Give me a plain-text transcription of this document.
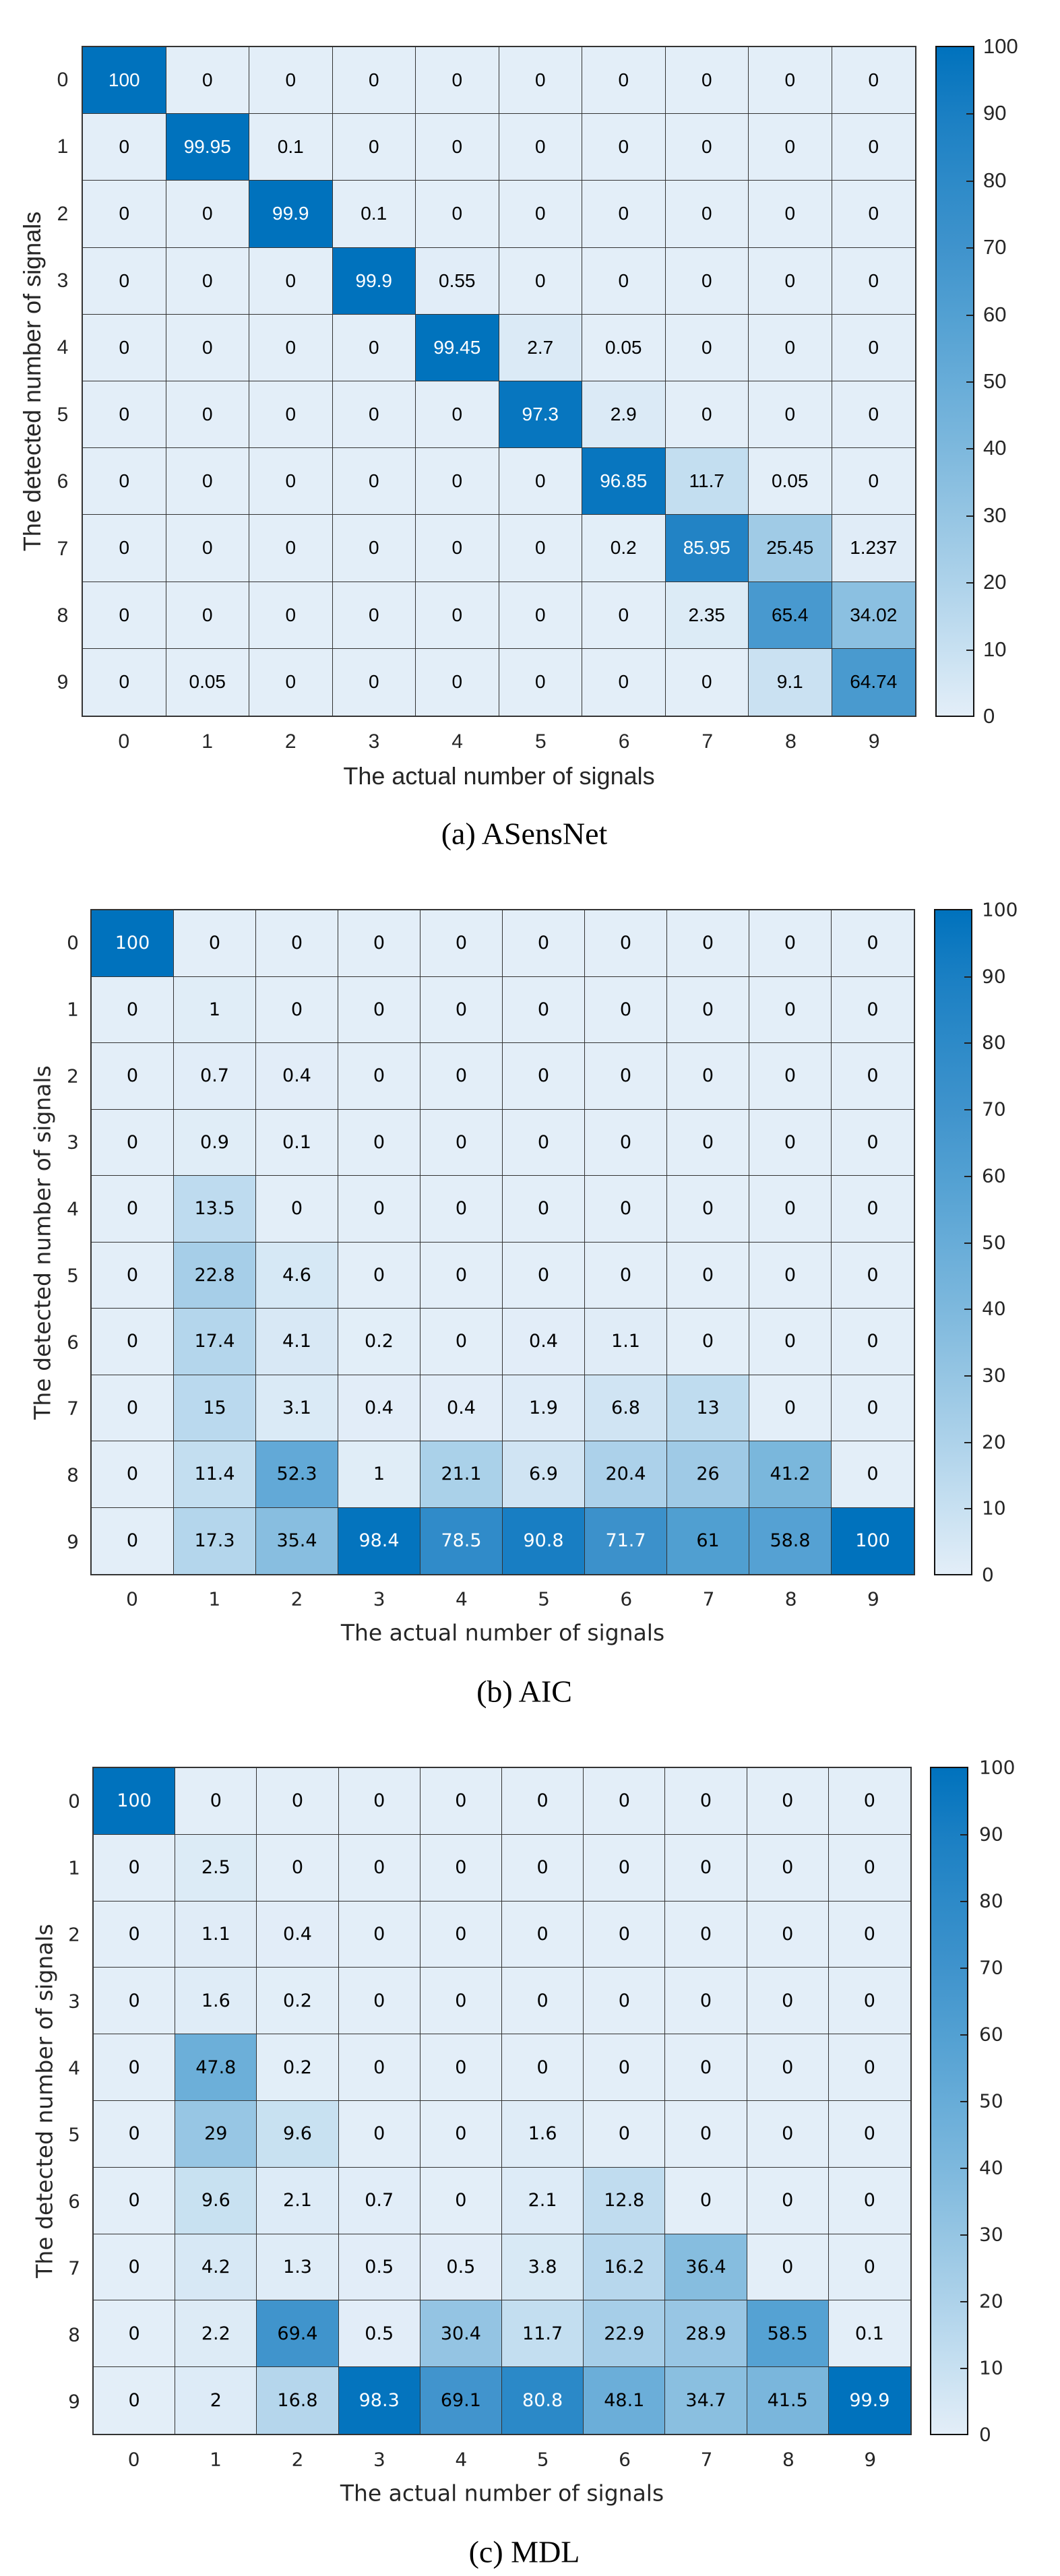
100	0	0	0	0	0	0	0	0	0
0	99.95	0.1	0	0	0	0	0	0	0
0	0	99.9	0.1	0	0	0	0	0	0
0	0	0	99.9	0.55	0	0	0	0	0
0	0	0	0	99.45	2.7	0.05	0	0	0
0	0	0	0	0	97.3	2.9	0	0	0
0	0	0	0	0	0	96.85	11.7	0.05	0
0	0	0	0	0	0	0.2	85.95	25.45	1.237
0	0	0	0	0	0	0	2.35	65.4	34.02
0	0.05	0	0	0	0	0	0	9.1	64.74
0
1
2
3
4
5
6
7
8
9
0	1	2	3	4	5	6	7	8	9
The detected number of signals
The actual number of signals
(a) ASensNet
0
10
20
30
40
50
60
70
80
90
100
100	0	0	0	0	0	0	0	0	0
0	1	0	0	0	0	0	0	0	0
0	0.7	0.4	0	0	0	0	0	0	0
0	0.9	0.1	0	0	0	0	0	0	0
0	13.5	0	0	0	0	0	0	0	0
0	22.8	4.6	0	0	0	0	0	0	0
0	17.4	4.1	0.2	0	0.4	1.1	0	0	0
0	15	3.1	0.4	0.4	1.9	6.8	13	0	0
0	11.4	52.3	1	21.1	6.9	20.4	26	41.2	0
0	17.3	35.4	98.4	78.5	90.8	71.7	61	58.8	100
0
1
2
3
4
5
6
7
8
9
0	1	2	3	4	5	6	7	8	9
The detected number of signals
The actual number of signals
(b) AIC
0
10
20
30
40
50
60
70
80
90
100
100	0	0	0	0	0	0	0	0	0
0	2.5	0	0	0	0	0	0	0	0
0	1.1	0.4	0	0	0	0	0	0	0
0	1.6	0.2	0	0	0	0	0	0	0
0	47.8	0.2	0	0	0	0	0	0	0
0	29	9.6	0	0	1.6	0	0	0	0
0	9.6	2.1	0.7	0	2.1	12.8	0	0	0
0	4.2	1.3	0.5	0.5	3.8	16.2	36.4	0	0
0	2.2	69.4	0.5	30.4	11.7	22.9	28.9	58.5	0.1
0	2	16.8	98.3	69.1	80.8	48.1	34.7	41.5	99.9
0
1
2
3
4
5
6
7
8
9
0	1	2	3	4	5	6	7	8	9
The detected number of signals
The actual number of signals
(c) MDL
0
10
20
30
40
50
60
70
80
90
100
